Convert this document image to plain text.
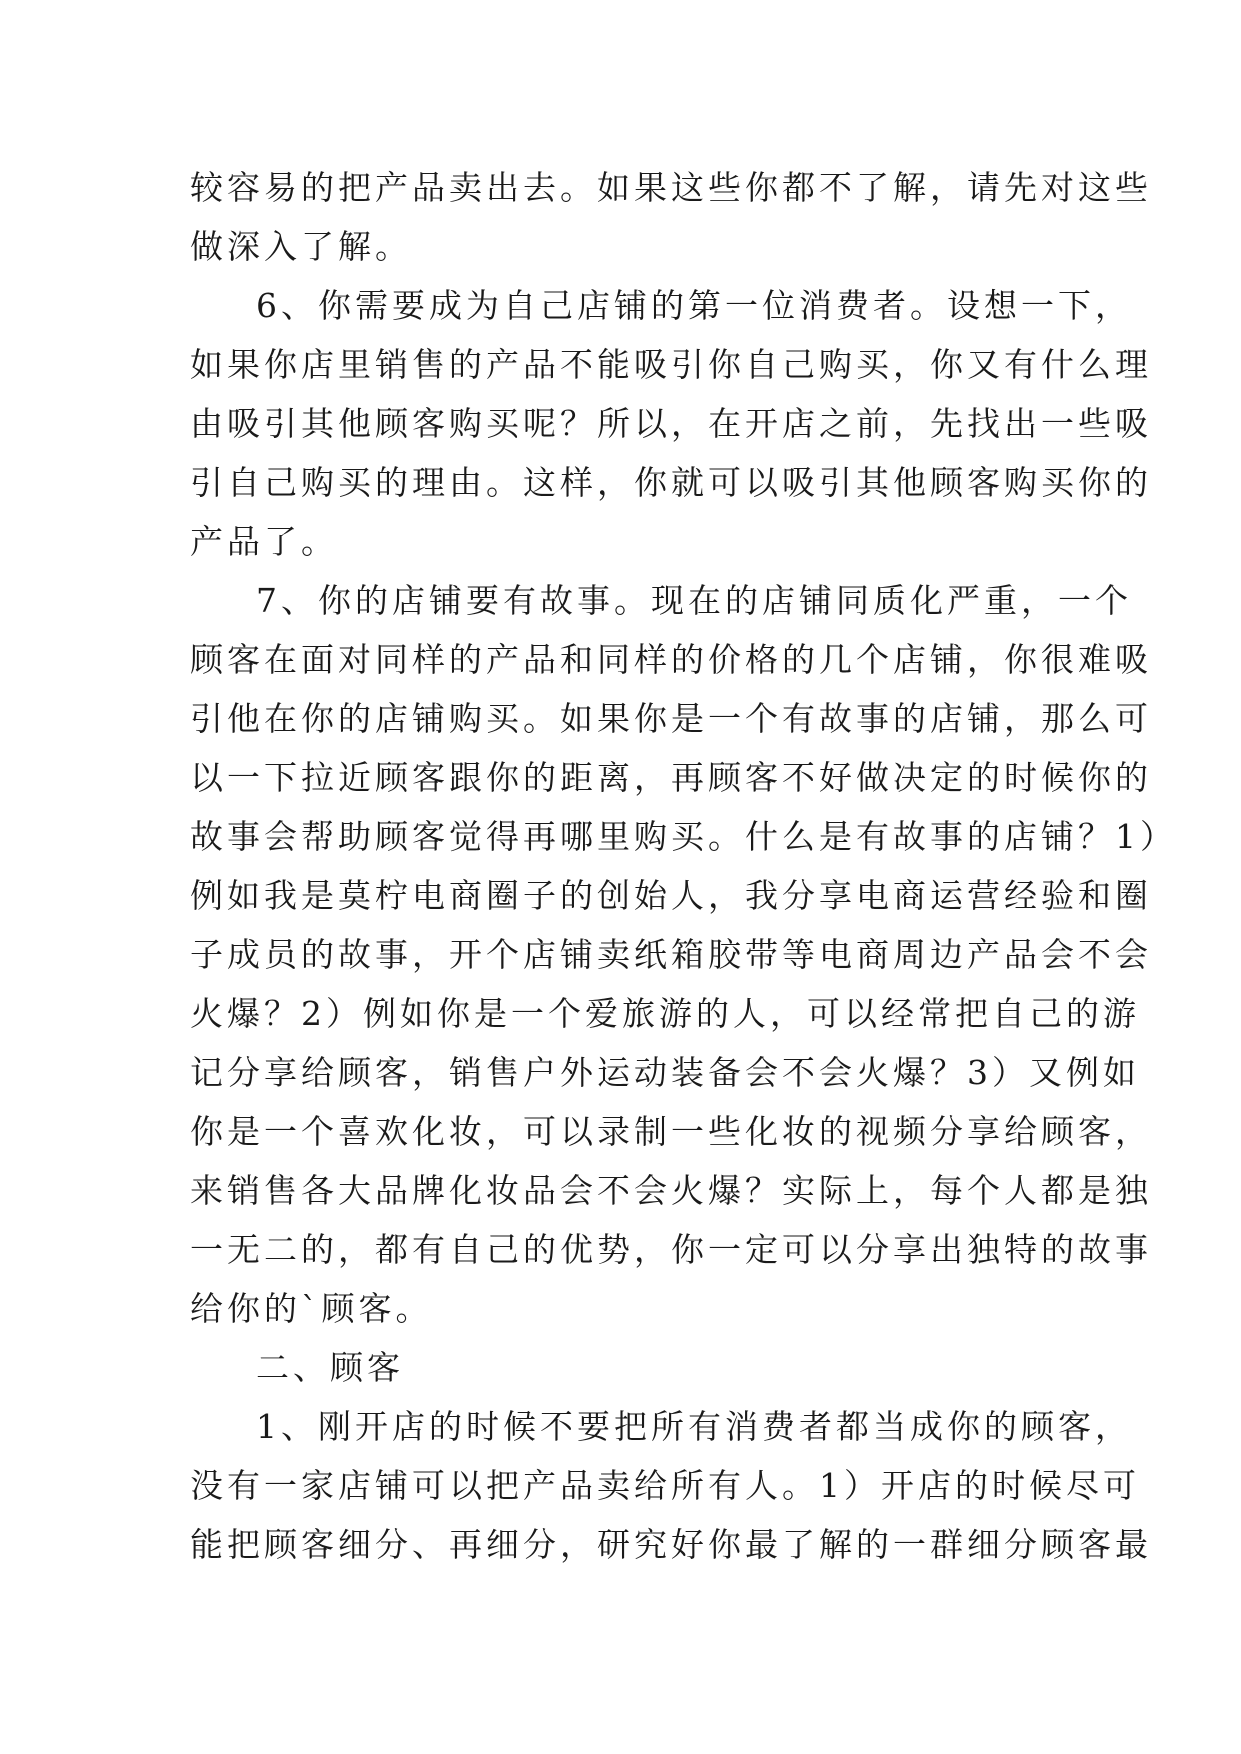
较容易的把产品卖出去。如果这些你都不了解，请先对这些
做深入了解。
6、你需要成为自己店铺的第一位消费者。设想一下，
如果你店里销售的产品不能吸引你自己购买，你又有什么理
由吸引其他顾客购买呢？所以，在开店之前，先找出一些吸
引自己购买的理由。这样，你就可以吸引其他顾客购买你的
产品了。
7、你的店铺要有故事。现在的店铺同质化严重，一个
顾客在面对同样的产品和同样的价格的几个店铺，你很难吸
引他在你的店铺购买。如果你是一个有故事的店铺，那么可
以一下拉近顾客跟你的距离，再顾客不好做决定的时候你的
故事会帮助顾客觉得再哪里购买。什么是有故事的店铺？1）
例如我是莫柠电商圈子的创始人，我分享电商运营经验和圈
子成员的故事，开个店铺卖纸箱胶带等电商周边产品会不会
火爆？2）例如你是一个爱旅游的人，可以经常把自己的游
记分享给顾客，销售户外运动装备会不会火爆？3）又例如
你是一个喜欢化妆，可以录制一些化妆的视频分享给顾客，
来销售各大品牌化妆品会不会火爆？实际上，每个人都是独
一无二的，都有自己的优势，你一定可以分享出独特的故事
给你的`顾客。
二、顾客
1、刚开店的时候不要把所有消费者都当成你的顾客，
没有一家店铺可以把产品卖给所有人。1）开店的时候尽可
能把顾客细分、再细分，研究好你最了解的一群细分顾客最
